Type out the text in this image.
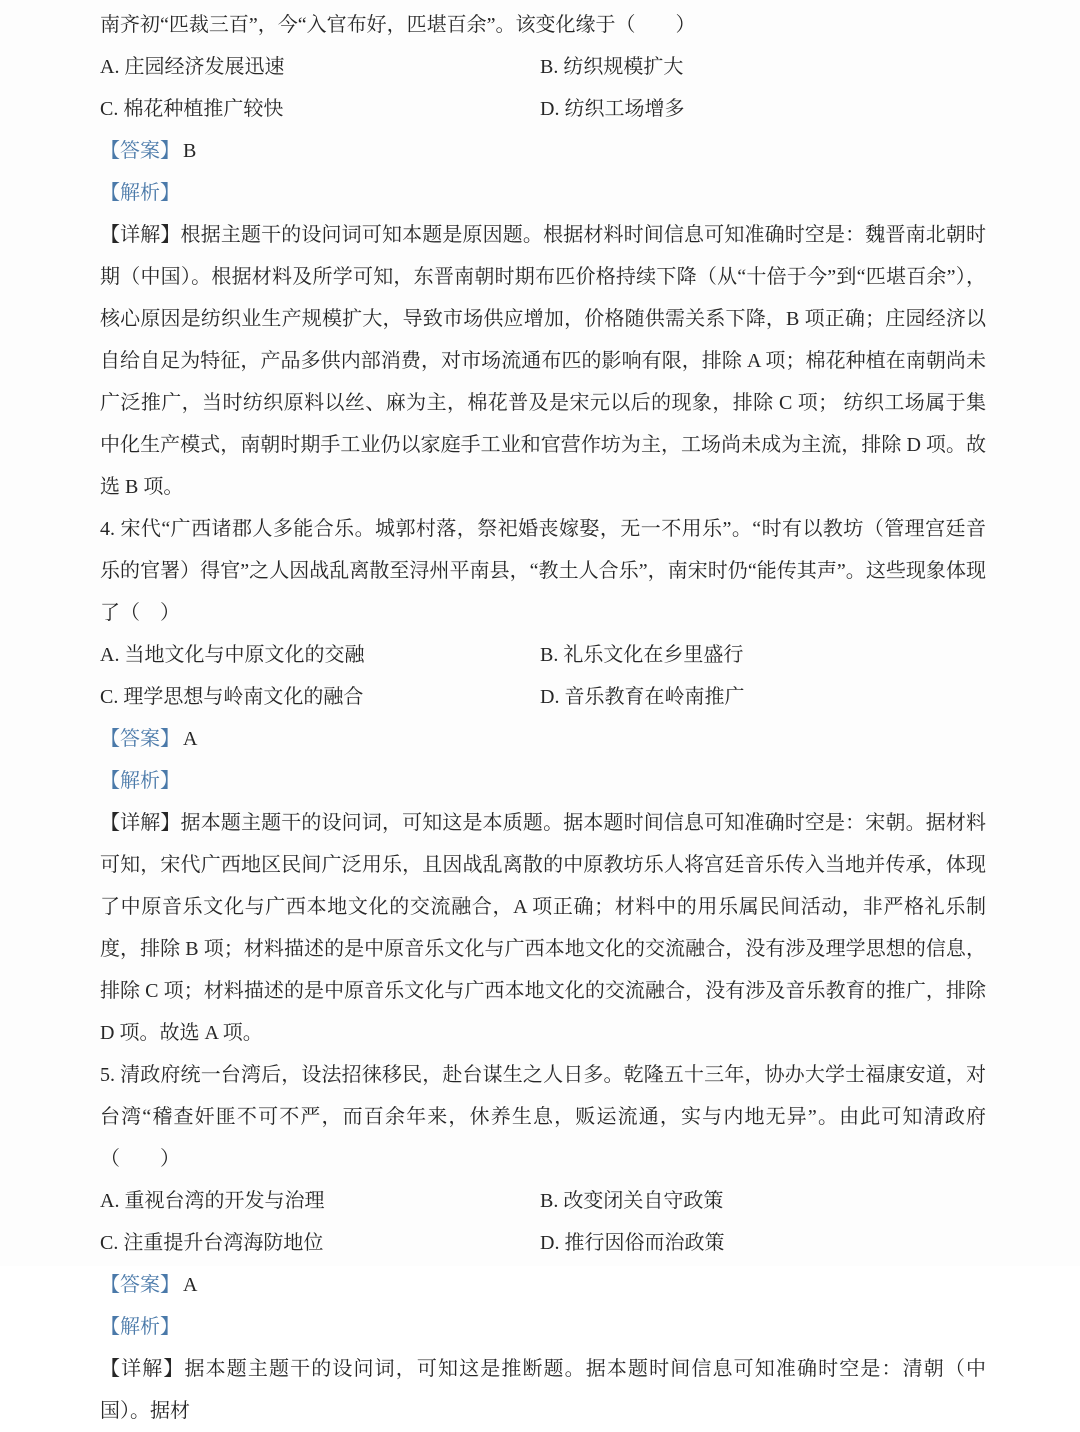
南齐初“匹裁三百”，今“入官布好，匹堪百余”。该变化缘于（　　）

A. 庄园经济发展迅速	B. 纺织规模扩大
C. 棉花种植推广较快	D. 纺织工场增多

【答案】 B

【解析】

【详解】根据主题干的设问词可知本题是原因题。根据材料时间信息可知准确时空是：魏晋南北朝时期（中国）。根据材料及所学可知，东晋南朝时期布匹价格持续下降（从“十倍于今”到“匹堪百余”），核心原因是纺织业生产规模扩大，导致市场供应增加，价格随供需关系下降，B 项正确；庄园经济以自给自足为特征，产品多供内部消费，对市场流通布匹的影响有限，排除 A 项；棉花种植在南朝尚未广泛推广，当时纺织原料以丝、麻为主，棉花普及是宋元以后的现象，排除 C 项； 纺织工场属于集中化生产模式，南朝时期手工业仍以家庭手工业和官营作坊为主，工场尚未成为主流，排除 D 项。故选 B 项。

4. 宋代“广西诸郡人多能合乐。城郭村落，祭祀婚丧嫁娶，无一不用乐”。“时有以教坊（管理宫廷音乐的官署）得官”之人因战乱离散至浔州平南县，“教土人合乐”，南宋时仍“能传其声”。这些现象体现了（　）

A. 当地文化与中原文化的交融	B. 礼乐文化在乡里盛行
C. 理学思想与岭南文化的融合	D. 音乐教育在岭南推广

【答案】 A

【解析】

【详解】据本题主题干的设问词，可知这是本质题。据本题时间信息可知准确时空是：宋朝。据材料可知，宋代广西地区民间广泛用乐，且因战乱离散的中原教坊乐人将宫廷音乐传入当地并传承，体现了中原音乐文化与广西本地文化的交流融合，A 项正确；材料中的用乐属民间活动，非严格礼乐制度，排除 B 项；材料描述的是中原音乐文化与广西本地文化的交流融合，没有涉及理学思想的信息，排除 C 项；材料描述的是中原音乐文化与广西本地文化的交流融合，没有涉及音乐教育的推广，排除 D 项。故选 A 项。

5. 清政府统一台湾后，设法招徕移民，赴台谋生之人日多。乾隆五十三年，协办大学士福康安道，对台湾“稽查奸匪不可不严，而百余年来，休养生息，贩运流通，实与内地无异”。由此可知清政府（　　）

A. 重视台湾的开发与治理	B. 改变闭关自守政策
C. 注重提升台湾海防地位	D. 推行因俗而治政策

【答案】 A

【解析】

【详解】据本题主题干的设问词，可知这是推断题。据本题时间信息可知准确时空是：清朝（中国）。据材
